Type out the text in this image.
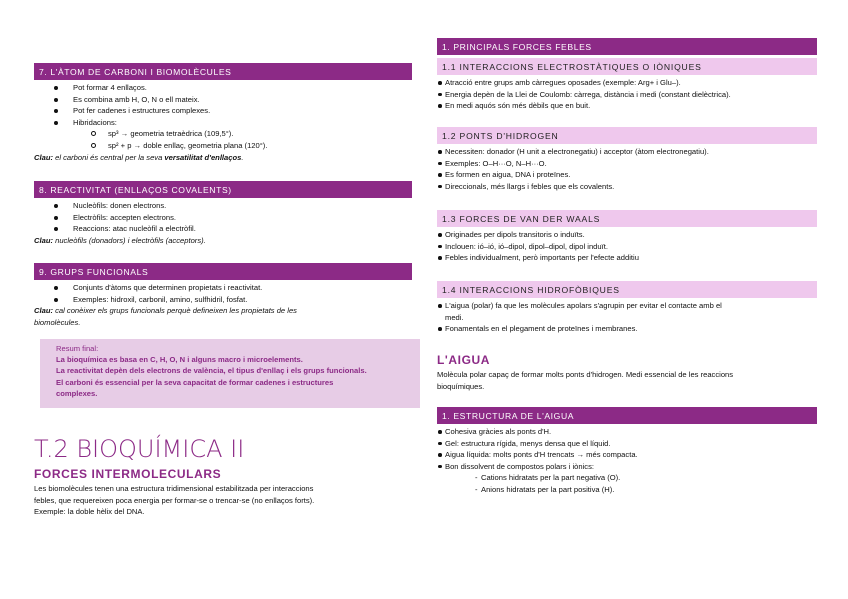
7. L'ÀTOM DE CARBONI I BIOMOLÈCULES
Pot formar 4 enllaços.
Es combina amb H, O, N o ell mateix.
Pot fer cadenes i estructures complexes.
Hibridacions:
sp³ → geometria tetraèdrica (109,5°).
sp² + p → doble enllaç, geometria plana (120°).

Clau: el carboni és central per la seva versatilitat d'enllaços.

8. REACTIVITAT (ENLLAÇOS COVALENTS)
Nucleòfils: donen electrons.
Electròfils: accepten electrons.
Reaccions: atac nucleòfil a electròfil.

Clau: nucleòfils (donadors) i electròfils (acceptors).

9. GRUPS FUNCIONALS
Conjunts d'àtoms que determinen propietats i reactivitat.
Exemples: hidroxil, carbonil, amino, sulfhidril, fosfat.

Clau: cal conèixer els grups funcionals perquè defineixen les propietats de les
biomolècules.

Resum final:
La bioquímica es basa en C, H, O, N i alguns macro i microelements.
La reactivitat depèn dels electrons de valència, el tipus d'enllaç i els grups funcionals.
El carboni és essencial per la seva capacitat de formar cadenes i estructures
complexes.

T.2 BIOQUÍMICA II

FORCES INTERMOLECULARS

Les biomolècules tenen una estructura tridimensional estabilitzada per interaccions

febles, que requereixen poca energia per formar-se o trencar-se (no enllaços forts).

Exemple: la doble hèlix del DNA.

1. PRINCIPALS FORCES FEBLES
1.1 INTERACCIONS ELECTROSTÀTIQUES O IÒNIQUES
Atracció entre grups amb càrregues oposades (exemple: Arg+ i Glu–).
Energia depèn de la Llei de Coulomb: càrrega, distància i medi (constant dielèctrica).
En medi aquós són més dèbils que en buit.
1.2 PONTS D'HIDROGEN
Necessiten: donador (H unit a electronegatiu) i acceptor (àtom electronegatiu).
Exemples: O–H···O, N–H···O.
Es formen en aigua, DNA i proteïnes.
Direccionals, més llargs i febles que els covalents.
1.3 FORCES DE VAN DER WAALS
Originades per dipols transitoris o induïts.
Inclouen: ió–ió, ió–dipol, dipol–dipol, dipol induït.
Febles individualment, però importants per l'efecte additiu
1.4 INTERACCIONS HIDROFÒBIQUES
L'aigua (polar) fa que les molècules apolars s'agrupin per evitar el contacte amb el
medi.
Fonamentals en el plegament de proteïnes i membranes.

L'AIGUA

Molècula polar capaç de formar molts ponts d'hidrogen. Medi essencial de les reaccions

bioquímiques.

1. ESTRUCTURA DE L'AIGUA
Cohesiva gràcies als ponts d'H.
Gel: estructura rígida, menys densa que el líquid.
Aigua líquida: molts ponts d'H trencats → més compacta.
Bon dissolvent de compostos polars i iònics:
- Cations hidratats per la part negativa (O).
- Anions hidratats per la part positiva (H).
